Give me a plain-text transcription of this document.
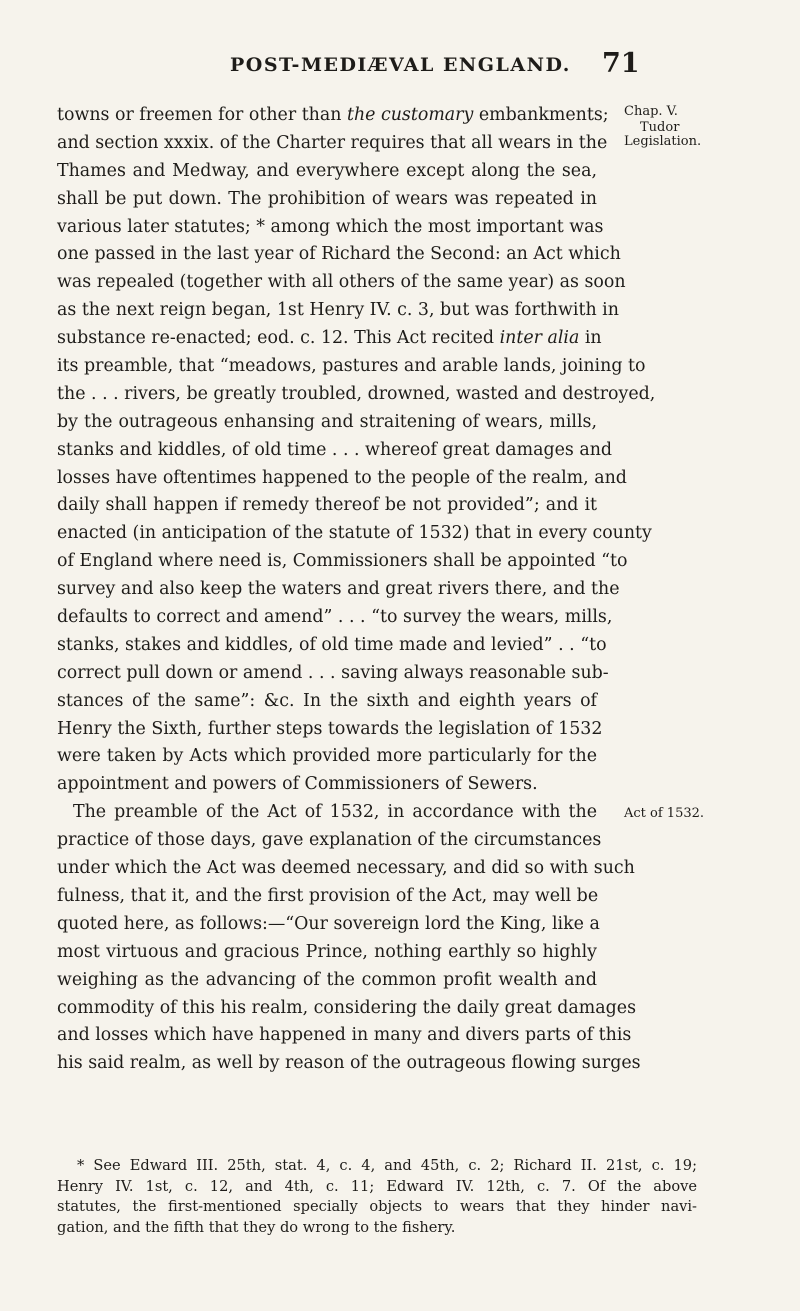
POST-MEDIÆVAL ENGLAND. 71
Chap. V.
Tudor
Legislation.
Act of 1532.
towns or freemen for other than the customary embankments;
and section xxxix. of the Charter requires that all wears in the
Thames and Medway, and everywhere except along the sea,
shall be put down. The prohibition of wears was repeated in
various later statutes; * among which the most important was
one passed in the last year of Richard the Second: an Act which
was repealed (together with all others of the same year) as soon
as the next reign began, 1st Henry IV. c. 3, but was forthwith in
substance re-enacted; eod. c. 12. This Act recited inter alia in
its preamble, that “meadows, pastures and arable lands, joining to
the . . . rivers, be greatly troubled, drowned, wasted and destroyed,
by the outrageous enhansing and straitening of wears, mills,
stanks and kiddles, of old time . . . whereof great damages and
losses have oftentimes happened to the people of the realm, and
daily shall happen if remedy thereof be not provided”; and it
enacted (in anticipation of the statute of 1532) that in every county
of England where need is, Commissioners shall be appointed “to
survey and also keep the waters and great rivers there, and the
defaults to correct and amend” . . . “to survey the wears, mills,
stanks, stakes and kiddles, of old time made and levied” . . “to
correct pull down or amend . . . saving always reasonable sub-
stances of the same”: &c. In the sixth and eighth years of
Henry the Sixth, further steps towards the legislation of 1532
were taken by Acts which provided more particularly for the
appointment and powers of Commissioners of Sewers.
The preamble of the Act of 1532, in accordance with the
practice of those days, gave explanation of the circumstances
under which the Act was deemed necessary, and did so with such
fulness, that it, and the first provision of the Act, may well be
quoted here, as follows:—“Our sovereign lord the King, like a
most virtuous and gracious Prince, nothing earthly so highly
weighing as the advancing of the common profit wealth and
commodity of this his realm, considering the daily great damages
and losses which have happened in many and divers parts of this
his said realm, as well by reason of the outrageous flowing surges
* See Edward III. 25th, stat. 4, c. 4, and 45th, c. 2; Richard II. 21st, c. 19;
Henry IV. 1st, c. 12, and 4th, c. 11; Edward IV. 12th, c. 7. Of the above
statutes, the first-mentioned specially objects to wears that they hinder navi-
gation, and the fifth that they do wrong to the fishery.
